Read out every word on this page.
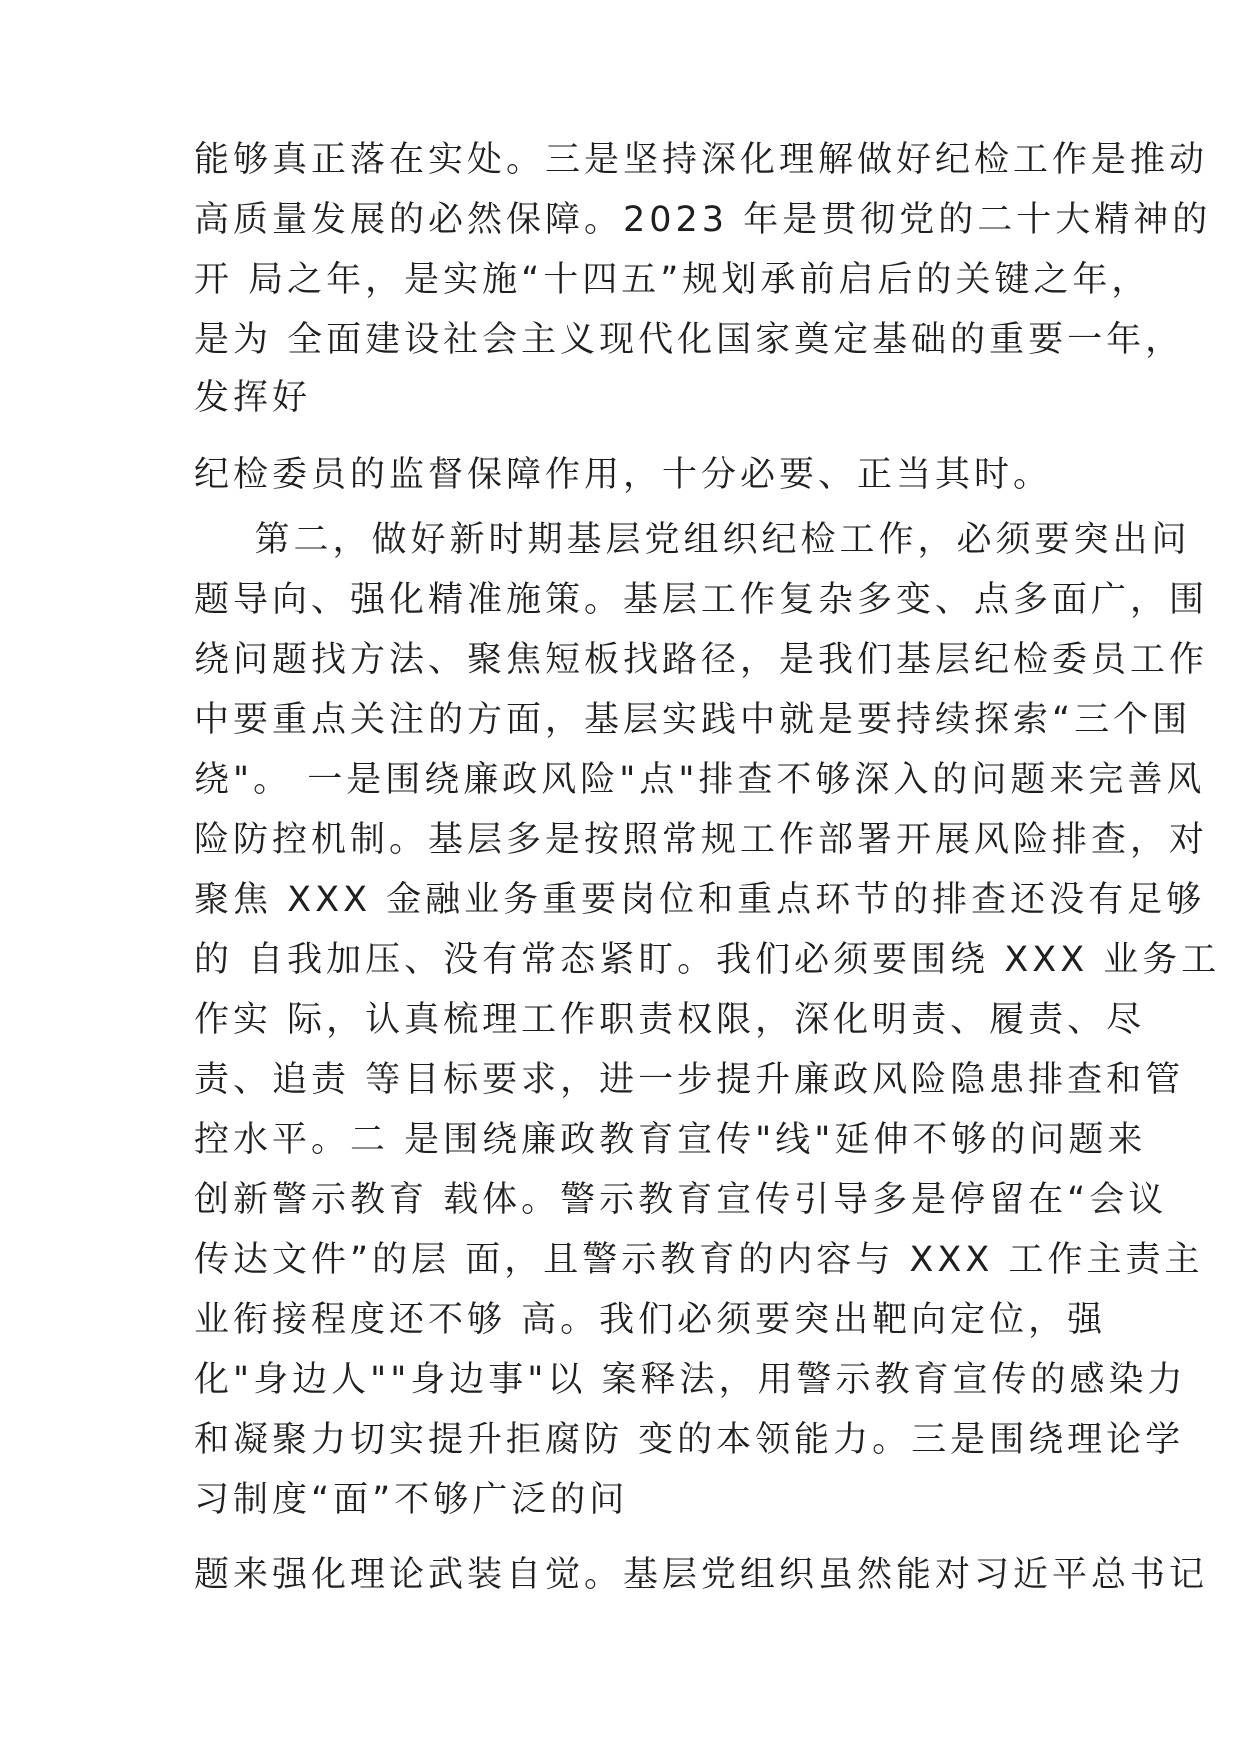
能够真正落在实处。三是坚持深化理解做好纪检工作是推动

高质量发展的必然保障。2023 年是贯彻党的二十大精神的

开 局之年，是实施“十四五”规划承前启后的关键之年，

是为 全面建设社会主义现代化国家奠定基础的重要一年，

发挥好

纪检委员的监督保障作用，十分必要、正当其时。

第二，做好新时期基层党组织纪检工作，必须要突出问

题导向、强化精准施策。基层工作复杂多变、点多面广，围

绕问题找方法、聚焦短板找路径，是我们基层纪检委员工作

中要重点关注的方面，基层实践中就是要持续探索“三个围

绕"。 一是围绕廉政风险"点"排查不够深入的问题来完善风

险防控机制。基层多是按照常规工作部署开展风险排查，对

聚焦 XXX 金融业务重要岗位和重点环节的排查还没有足够

的 自我加压、没有常态紧盯。我们必须要围绕 XXX 业务工

作实 际，认真梳理工作职责权限，深化明责、履责、尽

责、追责 等目标要求，进一步提升廉政风险隐患排查和管

控水平。二 是围绕廉政教育宣传"线"延伸不够的问题来

创新警示教育 载体。警示教育宣传引导多是停留在“会议

传达文件”的层 面，且警示教育的内容与 XXX 工作主责主

业衔接程度还不够 高。我们必须要突出靶向定位，强

化"身边人""身边事"以 案释法，用警示教育宣传的感染力

和凝聚力切实提升拒腐防 变的本领能力。三是围绕理论学

习制度“面”不够广泛的问

题来强化理论武装自觉。基层党组织虽然能对习近平总书记
